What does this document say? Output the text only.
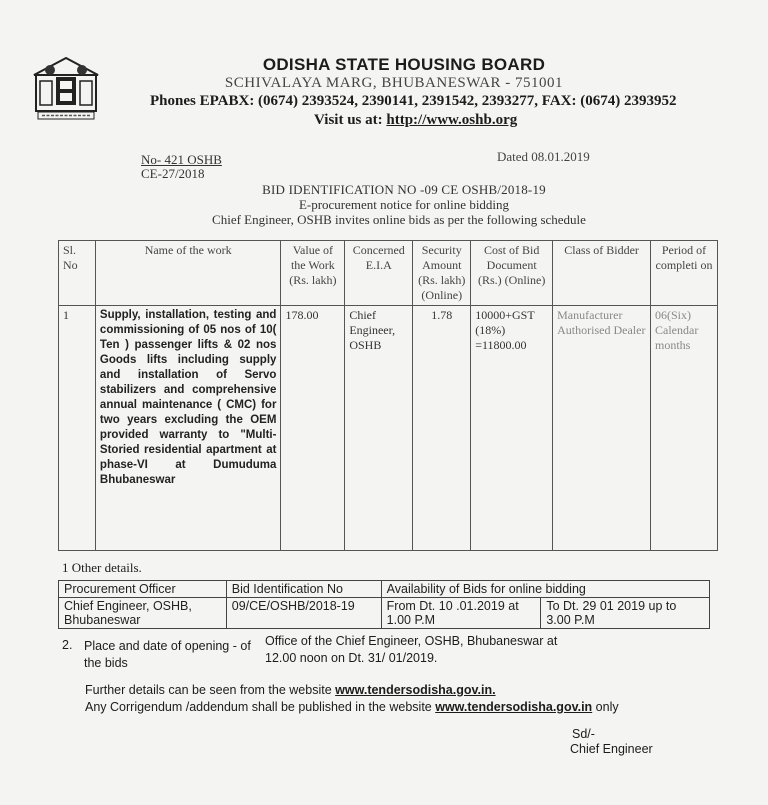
ODISHA STATE HOUSING BOARD
SCHIVALAYA MARG, BHUBANESWAR - 751001
Phones EPABX: (0674) 2393524, 2390141, 2391542, 2393277, FAX: (0674) 2393952
Visit us at: http://www.oshb.org
No- 421 OSHB
CE-27/2018
Dated 08.01.2019
BID IDENTIFICATION NO -09 CE OSHB/2018-19
E-procurement notice for online bidding
Chief Engineer, OSHB invites online bids as per the following schedule
Sl. No	Name of the work	Value of the Work (Rs. lakh)	Concerned E.I.A	Security Amount (Rs. lakh) (Online)	Cost of Bid Document (Rs.) (Online)	Class of Bidder	Period of completi on
1	Supply, installation, testing and commissioning of 05 nos of 10( Ten ) passenger lifts & 02 nos Goods lifts including supply and installation of Servo stabilizers and comprehensive annual maintenance ( CMC) for two years excluding the OEM provided warranty to "Multi-Storied residential apartment at phase-VI at Dumuduma Bhubaneswar	178.00	Chief Engineer, OSHB	1.78	10000+GST (18%) =11800.00	Manufacturer Authorised Dealer	06(Six) Calendar months
1 Other details.
Procurement Officer	Bid Identification No	Availability of Bids for online bidding	
Chief Engineer, OSHB, Bhubaneswar	09/CE/OSHB/2018-19	From Dt. 10 .01.2019 at 1.00 P.M	To Dt. 29 01 2019 up to 3.00 P.M
2. Place and date of opening - of the bids
Office of the Chief Engineer, OSHB, Bhubaneswar at 12.00 noon on Dt. 31/ 01/2019.
Further details can be seen from the website www.tendersodisha.gov.in.
Any Corrigendum /addendum shall be published in the website www.tendersodisha.gov.in only
Sd/-
Chief Engineer
